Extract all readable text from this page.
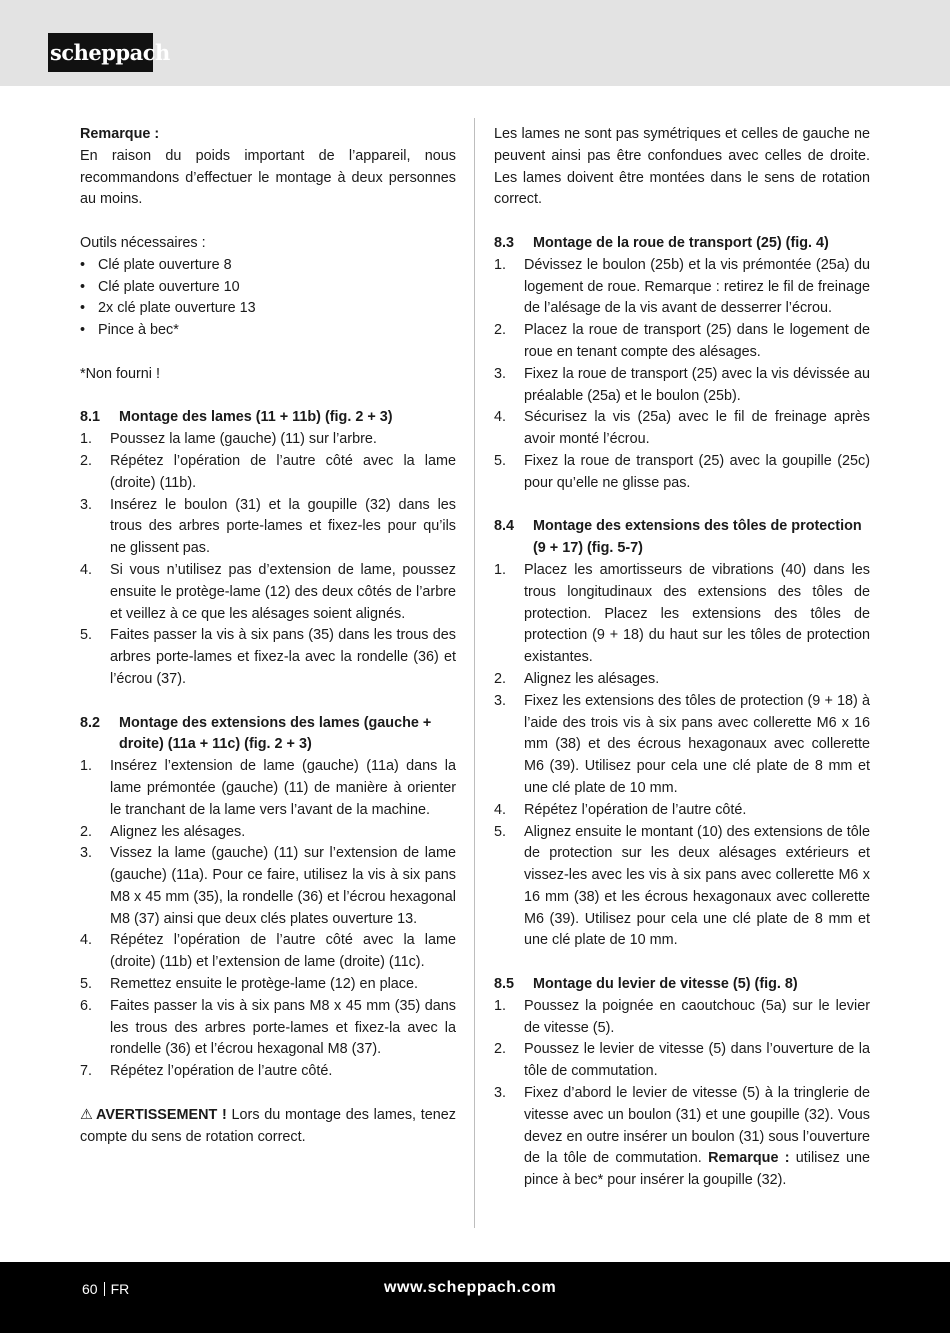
scheppach

Remarque :

En raison du poids important de l’appareil, nous recommandons d’effectuer le montage à deux personnes au moins.

Outils nécessaires :

• Clé plate ouverture 8
• Clé plate ouverture 10
• 2x clé plate ouverture 13
• Pince à bec*

*Non fourni !

8.1 Montage des lames (11 + 11b) (fig. 2 + 3)

1. Poussez la lame (gauche) (11) sur l’arbre.
2. Répétez l’opération de l’autre côté avec la lame (droite) (11b).
3. Insérez le boulon (31) et la goupille (32) dans les trous des arbres porte-lames et fixez-les pour qu’ils ne glissent pas.
4. Si vous n’utilisez pas d’extension de lame, poussez ensuite le protège-lame (12) des deux côtés de l’arbre et veillez à ce que les alésages soient alignés.
5. Faites passer la vis à six pans (35) dans les trous des arbres porte-lames et fixez-la avec la rondelle (36) et l’écrou (37).

8.2 Montage des extensions des lames (gauche + droite) (11a + 11c) (fig. 2 + 3)

1. Insérez l’extension de lame (gauche) (11a) dans la lame prémontée (gauche) (11) de manière à orienter le tranchant de la lame vers l’avant de la machine.
2. Alignez les alésages.
3. Vissez la lame (gauche) (11) sur l’extension de lame (gauche) (11a). Pour ce faire, utilisez la vis à six pans M8 x 45 mm (35), la rondelle (36) et l’écrou hexagonal M8 (37) ainsi que deux clés plates ouverture 13.
4. Répétez l’opération de l’autre côté avec la lame (droite) (11b) et l’extension de lame (droite) (11c).
5. Remettez ensuite le protège-lame (12) en place.
6. Faites passer la vis à six pans M8 x 45 mm (35) dans les trous des arbres porte-lames et fixez-la avec la rondelle (36) et l’écrou hexagonal M8 (37).
7. Répétez l’opération de l’autre côté.

⚠ AVERTISSEMENT ! Lors du montage des lames, tenez compte du sens de rotation correct.

Les lames ne sont pas symétriques et celles de gauche ne peuvent ainsi pas être confondues avec celles de droite. Les lames doivent être montées dans le sens de rotation correct.

8.3 Montage de la roue de transport (25) (fig. 4)

1. Dévissez le boulon (25b) et la vis prémontée (25a) du logement de roue. Remarque : retirez le fil de freinage de l’alésage de la vis avant de desserrer l’écrou.
2. Placez la roue de transport (25) dans le logement de roue en tenant compte des alésages.
3. Fixez la roue de transport (25) avec la vis dévissée au préalable (25a) et le boulon (25b).
4. Sécurisez la vis (25a) avec le fil de freinage après avoir monté l’écrou.
5. Fixez la roue de transport (25) avec la goupille (25c) pour qu’elle ne glisse pas.

8.4 Montage des extensions des tôles de protection (9 + 17) (fig. 5-7)

1. Placez les amortisseurs de vibrations (40) dans les trous longitudinaux des extensions des tôles de protection. Placez les extensions des tôles de protection (9 + 18) du haut sur les tôles de protection existantes.
2. Alignez les alésages.
3. Fixez les extensions des tôles de protection (9 + 18) à l’aide des trois vis à six pans avec collerette M6 x 16 mm (38) et des écrous hexagonaux avec collerette M6 (39). Utilisez pour cela une clé plate de 8 mm et une clé plate de 10 mm.
4. Répétez l’opération de l’autre côté.
5. Alignez ensuite le montant (10) des extensions de tôle de protection sur les deux alésages extérieurs et vissez-les avec les vis à six pans avec collerette M6 x 16 mm (38) et les écrous hexagonaux avec collerette M6 (39). Utilisez pour cela une clé plate de 8 mm et une clé plate de 10 mm.

8.5 Montage du levier de vitesse (5) (fig. 8)

1. Poussez la poignée en caoutchouc (5a) sur le levier de vitesse (5).
2. Poussez le levier de vitesse (5) dans l’ouverture de la tôle de commutation.
3. Fixez d’abord le levier de vitesse (5) à la tringlerie de vitesse avec un boulon (31) et une goupille (32). Vous devez en outre insérer un boulon (31) sous l’ouverture de la tôle de commutation. Remarque : utilisez une pince à bec* pour insérer la goupille (32).
60 FR	www.scheppach.com
